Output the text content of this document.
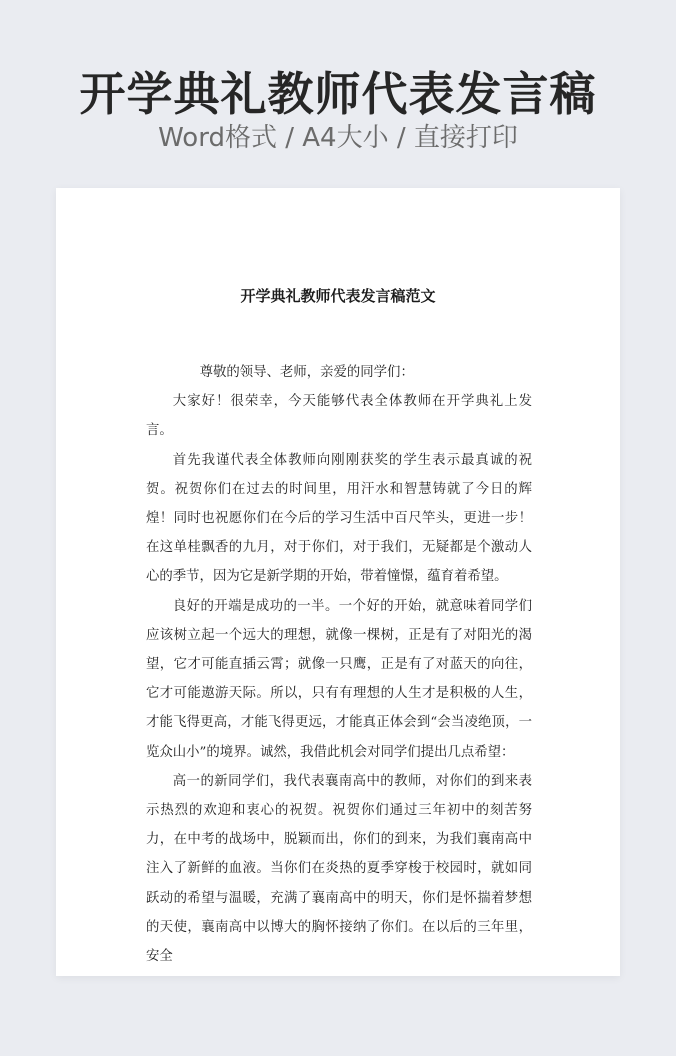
开学典礼教师代表发言稿
Word格式 / A4大小 / 直接打印
开学典礼教师代表发言稿范文

尊敬的领导、老师，亲爱的同学们：

大家好！很荣幸，今天能够代表全体教师在开学典礼上发言。

首先我谨代表全体教师向刚刚获奖的学生表示最真诚的祝贺。祝贺你们在过去的时间里，用汗水和智慧铸就了今日的辉煌！同时也祝愿你们在今后的学习生活中百尺竿头，更进一步！在这单桂飘香的九月，对于你们，对于我们，无疑都是个激动人心的季节，因为它是新学期的开始，带着憧憬，蕴育着希望。

良好的开端是成功的一半。一个好的开始，就意味着同学们应该树立起一个远大的理想，就像一棵树，正是有了对阳光的渴望，它才可能直插云霄；就像一只鹰，正是有了对蓝天的向往，它才可能遨游天际。所以，只有有理想的人生才是积极的人生，才能飞得更高，才能飞得更远，才能真正体会到“会当凌绝顶，一览众山小”的境界。诚然，我借此机会对同学们提出几点希望：

高一的新同学们，我代表襄南高中的教师，对你们的到来表示热烈的欢迎和衷心的祝贺。祝贺你们通过三年初中的刻苦努力，在中考的战场中，脱颖而出，你们的到来，为我们襄南高中注入了新鲜的血液。当你们在炎热的夏季穿梭于校园时，就如同跃动的希望与温暖，充满了襄南高中的明天，你们是怀揣着梦想的天使，襄南高中以博大的胸怀接纳了你们。在以后的三年里，安全
